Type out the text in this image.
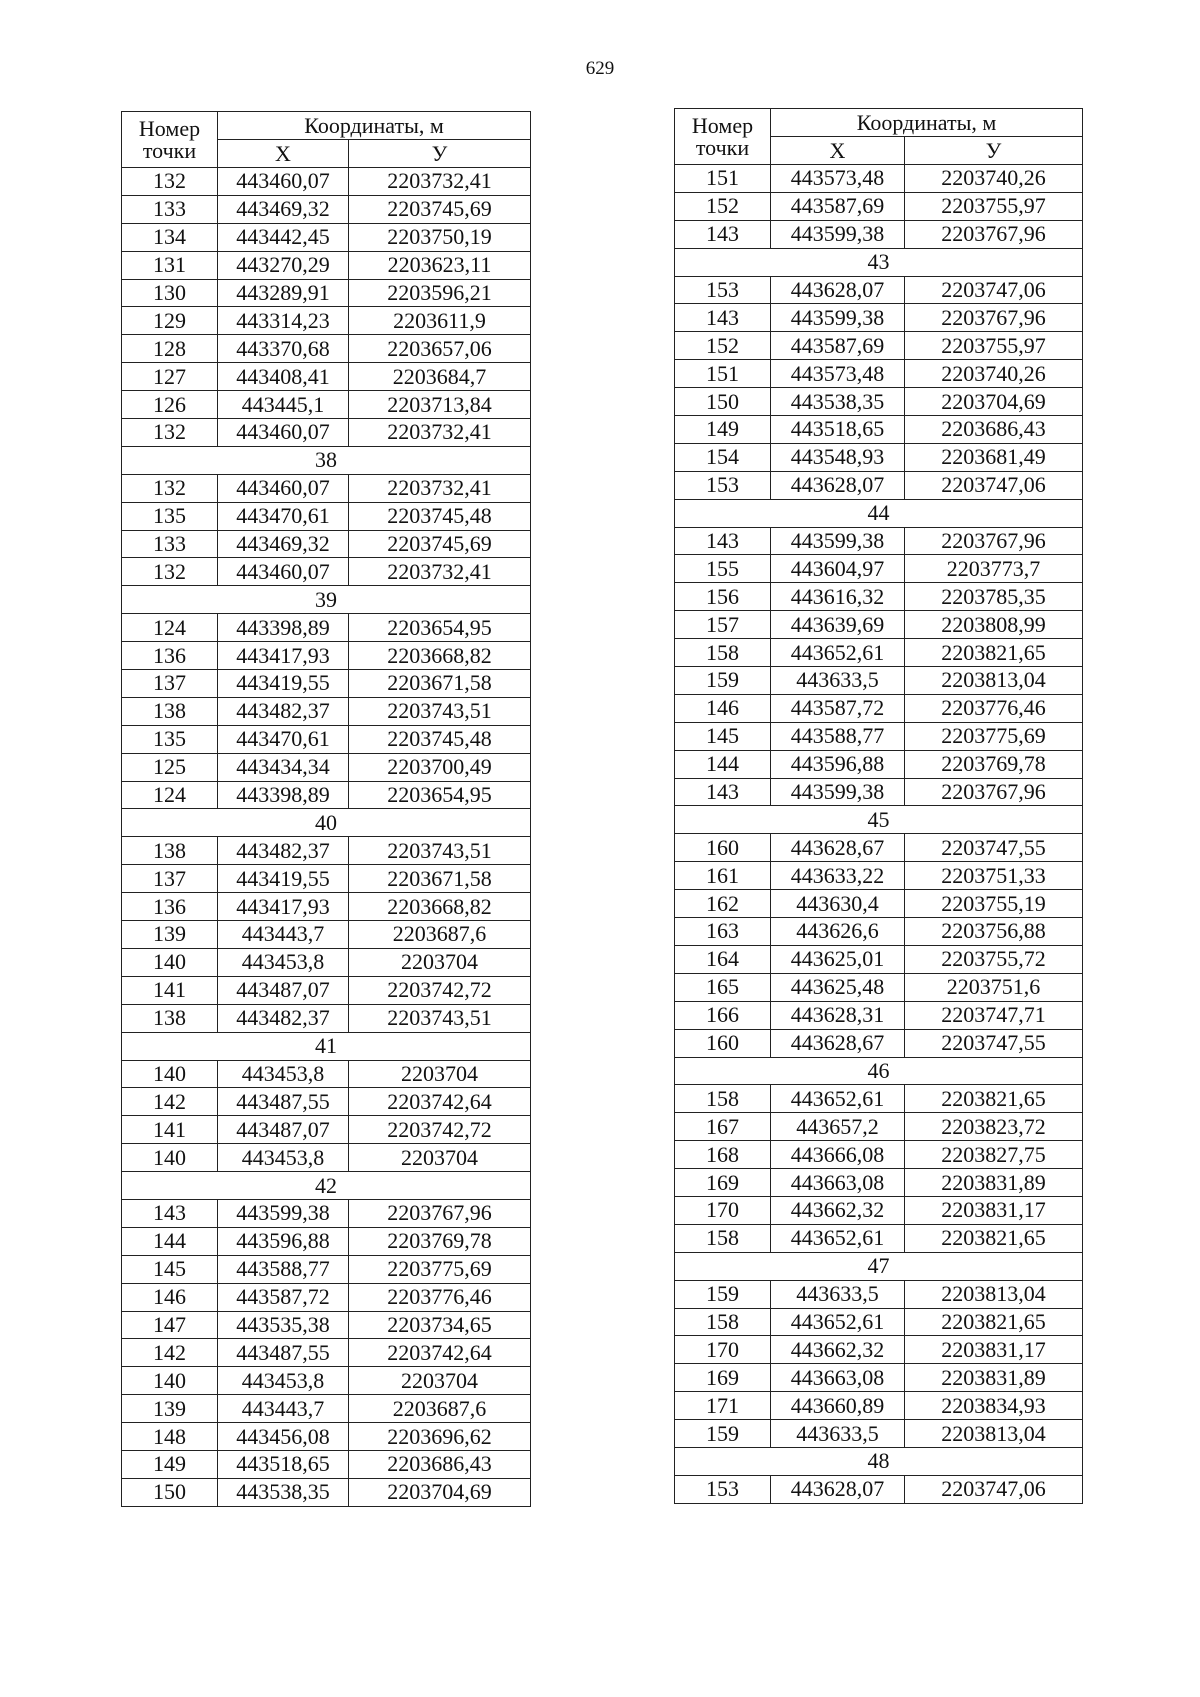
629
Номер
точки	Координаты, м	
	X	У
132	443460,07	2203732,41
133	443469,32	2203745,69
134	443442,45	2203750,19
131	443270,29	2203623,11
130	443289,91	2203596,21
129	443314,23	2203611,9
128	443370,68	2203657,06
127	443408,41	2203684,7
126	443445,1	2203713,84
132	443460,07	2203732,41
38		
132	443460,07	2203732,41
135	443470,61	2203745,48
133	443469,32	2203745,69
132	443460,07	2203732,41
39		
124	443398,89	2203654,95
136	443417,93	2203668,82
137	443419,55	2203671,58
138	443482,37	2203743,51
135	443470,61	2203745,48
125	443434,34	2203700,49
124	443398,89	2203654,95
40		
138	443482,37	2203743,51
137	443419,55	2203671,58
136	443417,93	2203668,82
139	443443,7	2203687,6
140	443453,8	2203704
141	443487,07	2203742,72
138	443482,37	2203743,51
41		
140	443453,8	2203704
142	443487,55	2203742,64
141	443487,07	2203742,72
140	443453,8	2203704
42		
143	443599,38	2203767,96
144	443596,88	2203769,78
145	443588,77	2203775,69
146	443587,72	2203776,46
147	443535,38	2203734,65
142	443487,55	2203742,64
140	443453,8	2203704
139	443443,7	2203687,6
148	443456,08	2203696,62
149	443518,65	2203686,43
150	443538,35	2203704,69
Номер
точки	Координаты, м	
	X	У
151	443573,48	2203740,26
152	443587,69	2203755,97
143	443599,38	2203767,96
43		
153	443628,07	2203747,06
143	443599,38	2203767,96
152	443587,69	2203755,97
151	443573,48	2203740,26
150	443538,35	2203704,69
149	443518,65	2203686,43
154	443548,93	2203681,49
153	443628,07	2203747,06
44		
143	443599,38	2203767,96
155	443604,97	2203773,7
156	443616,32	2203785,35
157	443639,69	2203808,99
158	443652,61	2203821,65
159	443633,5	2203813,04
146	443587,72	2203776,46
145	443588,77	2203775,69
144	443596,88	2203769,78
143	443599,38	2203767,96
45		
160	443628,67	2203747,55
161	443633,22	2203751,33
162	443630,4	2203755,19
163	443626,6	2203756,88
164	443625,01	2203755,72
165	443625,48	2203751,6
166	443628,31	2203747,71
160	443628,67	2203747,55
46		
158	443652,61	2203821,65
167	443657,2	2203823,72
168	443666,08	2203827,75
169	443663,08	2203831,89
170	443662,32	2203831,17
158	443652,61	2203821,65
47		
159	443633,5	2203813,04
158	443652,61	2203821,65
170	443662,32	2203831,17
169	443663,08	2203831,89
171	443660,89	2203834,93
159	443633,5	2203813,04
48		
153	443628,07	2203747,06
